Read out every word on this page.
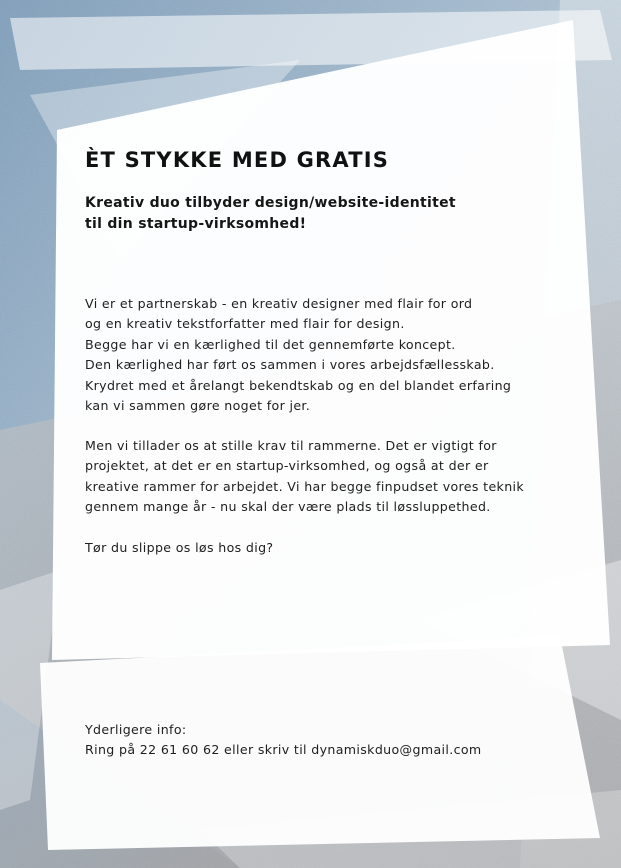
ÈT STYKKE MED GRATIS
Kreativ duo tilbyder design/website-identitet
til din startup-virksomhed!

Vi er et partnerskab - en kreativ designer med flair for ord
og en kreativ tekstforfatter med flair for design.
Begge har vi en kærlighed til det gennemførte koncept.
Den kærlighed har ført os sammen i vores arbejdsfællesskab.
Krydret med et årelangt bekendtskab og en del blandet erfaring
kan vi sammen gøre noget for jer.

Men vi tillader os at stille krav til rammerne. Det er vigtigt for
projektet, at det er en startup-virksomhed, og også at der er
kreative rammer for arbejdet. Vi har begge finpudset vores teknik
gennem mange år - nu skal der være plads til løssluppethed.

Tør du slippe os løs hos dig?

Yderligere info:
Ring på 22 61 60 62 eller skriv til dynamiskduo@gmail.com
